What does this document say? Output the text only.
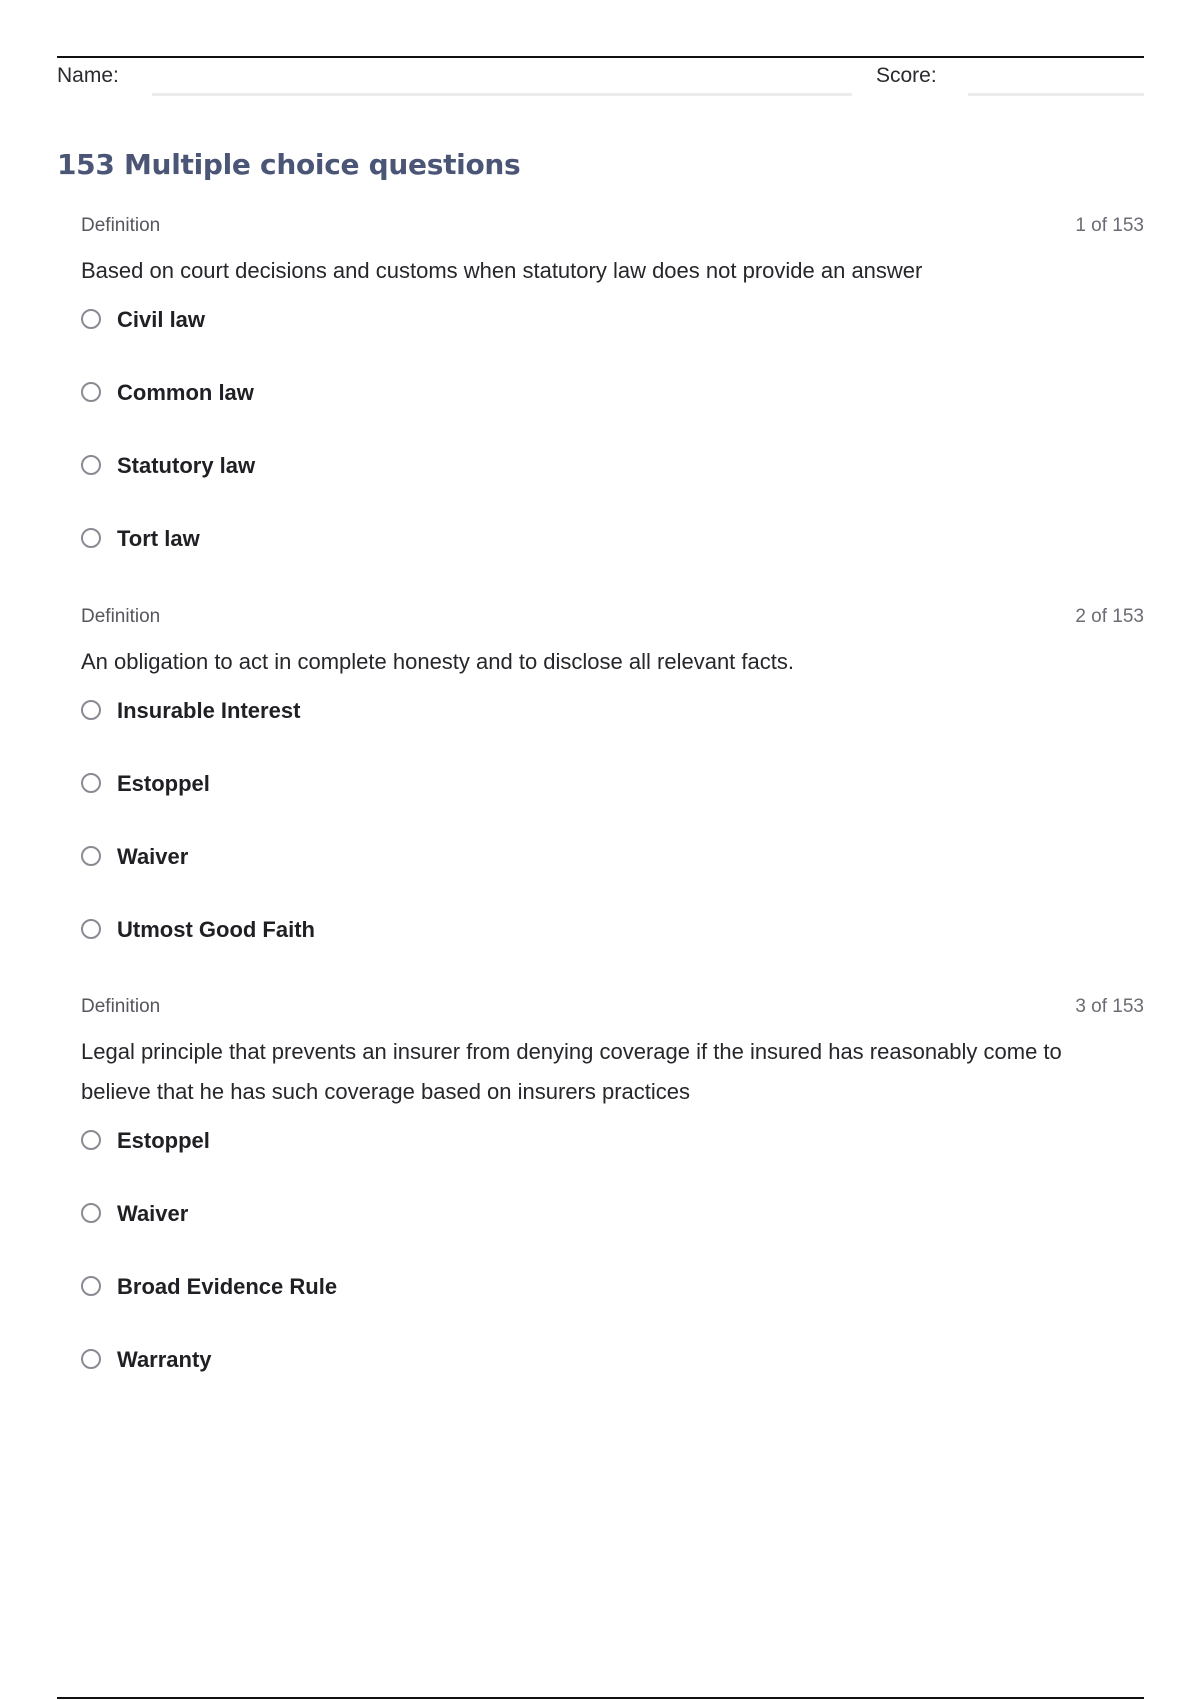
Name:	Score:
153 Multiple choice questions
Definition	1 of 153

Based on court decisions and customs when statutory law does not provide an answer

Civil law
Common law
Statutory law
Tort law
Definition	2 of 153

An obligation to act in complete honesty and to disclose all relevant facts.

Insurable Interest
Estoppel
Waiver
Utmost Good Faith
Definition	3 of 153

Legal principle that prevents an insurer from denying coverage if the insured has reasonably come to believe that he has such coverage based on insurers practices

Estoppel
Waiver
Broad Evidence Rule
Warranty
